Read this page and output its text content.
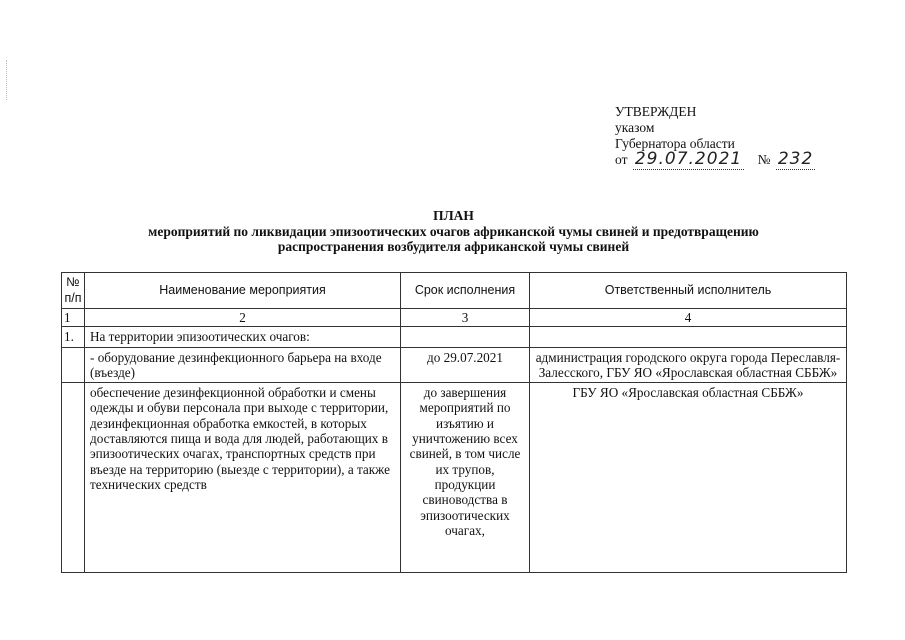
УТВЕРЖДЕН
указом
Губернатора области
от 29.07.2021 № 232
ПЛАН
мероприятий по ликвидации эпизоотических очагов африканской чумы свиней и предотвращению
распространения возбудителя африканской чумы свиней
№ п/п	Наименование мероприятия	Срок исполнения	Ответственный исполнитель
1	2	3	4
1.	На территории эпизоотических очагов:		
	- оборудование дезинфекционного барьера на входе (въезде)	до 29.07.2021	администрация городского округа города Переславля-Залесского, ГБУ ЯО «Ярославская областная СББЖ»
	обеспечение дезинфекционной обработки и смены одежды и обуви персонала при выходе с территории, дезинфекционная обработка емкостей, в которых доставляются пища и вода для людей, работающих в эпизоотических очагах, транспортных средств при въезде на территорию (выезде с территории), а также технических средств	до завершения мероприятий по изъятию и уничтожению всех свиней, в том числе их трупов, продукции свиноводства в эпизоотических очагах,	ГБУ ЯО «Ярославская областная СББЖ»
